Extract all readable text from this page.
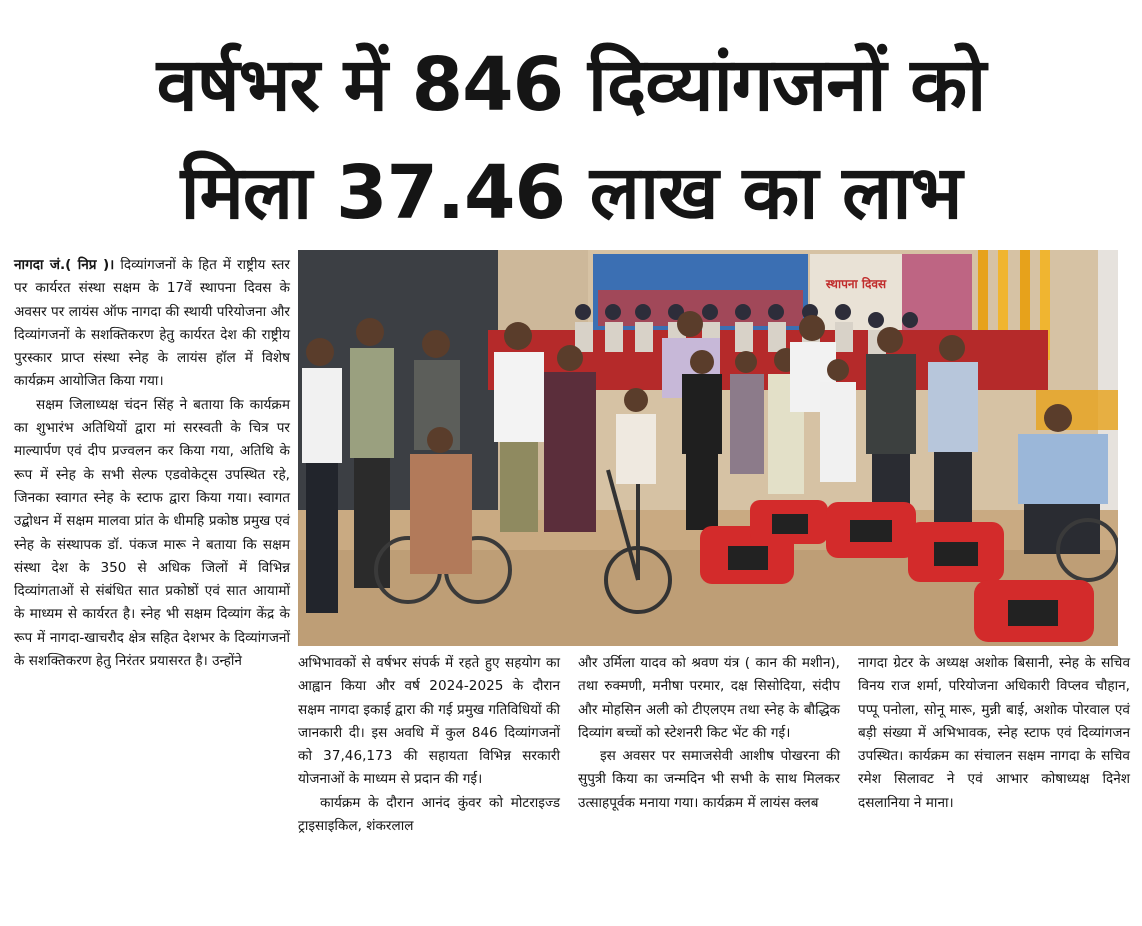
वर्षभर में 846 दिव्यांगजनों को
मिला 37.46 लाख का लाभ

नागदा जं.( निप्र )। दिव्यांगजनों के हित में राष्ट्रीय स्तर पर कार्यरत संस्था सक्षम के 17वें स्थापना दिवस के अवसर पर लायंस ऑफ नागदा की स्थायी परियोजना और दिव्यांगजनों के सशक्तिकरण हेतु कार्यरत देश की राष्ट्रीय पुरस्कार प्राप्त संस्था स्नेह के लायंस हॉल में विशेष कार्यक्रम आयोजित किया गया।

सक्षम जिलाध्यक्ष चंदन सिंह ने बताया कि कार्यक्रम का शुभारंभ अतिथियों द्वारा मां सरस्वती के चित्र पर माल्यार्पण एवं दीप प्रज्वलन कर किया गया, अतिथि के रूप में स्नेह के सभी सेल्फ एडवोकेट्स उपस्थित रहे, जिनका स्वागत स्नेह के स्टाफ द्वारा किया गया। स्वागत उद्बोधन में सक्षम मालवा प्रांत के धीमहि प्रकोष्ठ प्रमुख एवं स्नेह के संस्थापक डॉ. पंकज मारू ने बताया कि सक्षम संस्था देश के 350 से अधिक जिलों में विभिन्न दिव्यांगताओं से संबंधित सात प्रकोष्ठों एवं सात आयामों के माध्यम से कार्यरत है। स्नेह भी सक्षम दिव्यांग केंद्र के रूप में नागदा-खाचरौद क्षेत्र सहित देशभर के दिव्यांगजनों के सशक्तिकरण हेतु निरंतर प्रयासरत है। उन्होंने

स्थापना दिवस

अभिभावकों से वर्षभर संपर्क में रहते हुए सहयोग का आह्वान किया और वर्ष 2024-2025 के दौरान सक्षम नागदा इकाई द्वारा की गई प्रमुख गतिविधियों की जानकारी दी। इस अवधि में कुल 846 दिव्यांगजनों को 37,46,173 की सहायता विभिन्न सरकारी योजनाओं के माध्यम से प्रदान की गई।

कार्यक्रम के दौरान आनंद कुंवर को मोटराइज्ड ट्राइसाइकिल, शंकरलाल

और उर्मिला यादव को श्रवण यंत्र ( कान की मशीन), तथा रुक्मणी, मनीषा परमार, दक्ष सिसोदिया, संदीप और मोहसिन अली को टीएलएम तथा स्नेह के बौद्धिक दिव्यांग बच्चों को स्टेशनरी किट भेंट की गई।

इस अवसर पर समाजसेवी आशीष पोखरना की सुपुत्री किया का जन्मदिन भी सभी के साथ मिलकर उत्साहपूर्वक मनाया गया। कार्यक्रम में लायंस क्लब

नागदा ग्रेटर के अध्यक्ष अशोक बिसानी, स्नेह के सचिव विनय राज शर्मा, परियोजना अधिकारी विप्लव चौहान, पप्पू पनोला, सोनू मारू, मुन्नी बाई, अशोक पोरवाल एवं बड़ी संख्या में अभिभावक, स्नेह स्टाफ एवं दिव्यांगजन उपस्थित। कार्यक्रम का संचालन सक्षम नागदा के सचिव रमेश सिलावट ने एवं आभार कोषाध्यक्ष दिनेश दसलानिया ने माना।
